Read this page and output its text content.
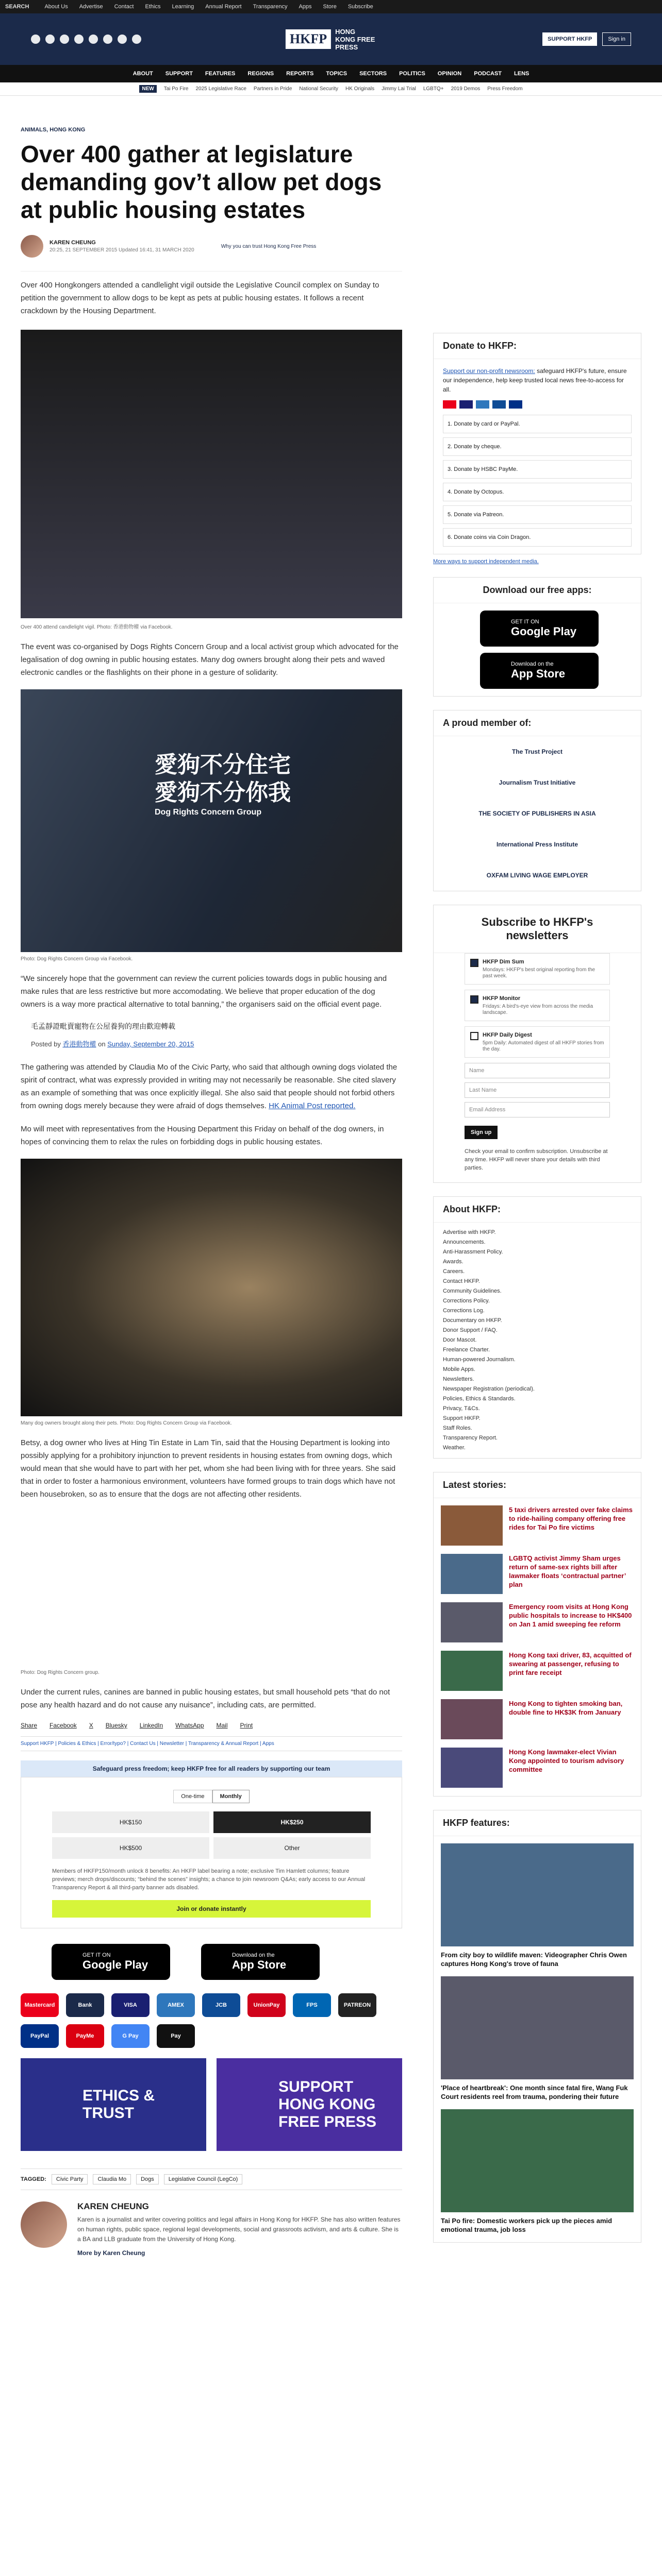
SEARCH	About Us Advertise Contact Ethics Learning Annual Report Transparency Apps Store Subscribe
HKFP	HONG KONG FREE PRESS
SUPPORT HKFP	Sign in
ABOUT SUPPORT FEATURES REGIONS REPORTS TOPICS SECTORS POLITICS OPINION PODCAST LENS
NEW	Tai Po Fire 2025 Legislative Race Partners in Pride National Security HK Originals Jimmy Lai Trial LGBTQ+ 2019 Demos Press Freedom
ANIMALS, HONG KONG
Over 400 gather at legislature demanding gov’t allow pet dogs at public housing estates
KAREN CHEUNG
20:25, 21 SEPTEMBER 2015 Updated 16:41, 31 MARCH 2020
Why you can trust Hong Kong Free Press

Over 400 Hongkongers attended a candlelight vigil outside the Legislative Council complex on Sunday to petition the government to allow dogs to be kept as pets at public housing estates. It follows a recent crackdown by the Housing Department.

Over 400 attend candlelight vigil. Photo: 香港動物權 via Facebook.

The event was co-organised by Dogs Rights Concern Group and a local activist group which advocated for the legalisation of dog owning in public housing estates. Many dog owners brought along their pets and waved electronic candles or the flashlights on their phone in a gesture of solidarity.

愛狗不分住宅
愛狗不分你我
Dog Rights Concern Group
Photo: Dog Rights Concern Group via Facebook.

“We sincerely hope that the government can review the current policies towards dogs in public housing and make rules that are less restrictive but more accomodating. We believe that proper education of the dog owners is a way more practical alternative to total banning,” the organisers said on the official event page.

毛孟靜證毗賣寵物在公屋養狗的理由歡迎轉載
Posted by 香港動物權 on Sunday, September 20, 2015

The gathering was attended by Claudia Mo of the Civic Party, who said that although owning dogs violated the spirit of contract, what was expressly provided in writing may not necessarily be reasonable. She cited slavery as an example of something that was once explicitly illegal. She also said that people should not forbid others from owning dogs merely because they were afraid of dogs themselves. HK Animal Post reported.

Mo will meet with representatives from the Housing Department this Friday on behalf of the dog owners, in hopes of convincing them to relax the rules on forbidding dogs in public housing estates.

Many dog owners brought along their pets. Photo: Dog Rights Concern Group via Facebook.

Betsy, a dog owner who lives at Hing Tin Estate in Lam Tin, said that the Housing Department is looking into possibly applying for a prohibitory injunction to prevent residents in housing estates from owning dogs, which would mean that she would have to part with her pet, whom she had been living with for three years. She said that in order to foster a harmonious environment, volunteers have formed groups to train dogs which have not been housebroken, so as to ensure that the dogs are not affecting other residents.

Photo: Dog Rights Concern group.

Under the current rules, canines are banned in public housing estates, but small household pets “that do not pose any health hazard and do not cause any nuisance”, including cats, are permitted.

Share Facebook X Bluesky LinkedIn WhatsApp Mail Print
Support HKFP | Policies & Ethics | Error/typo? | Contact Us | Newsletter | Transparency & Annual Report | Apps
Safeguard press freedom; keep HKFP free for all readers by supporting our team
One-time	Monthly
HK$150	HK$250
HK$500	Other
Members of HKFP150/month unlock 8 benefits: An HKFP label bearing a note; exclusive Tim Hamlett columns; feature previews; merch drops/discounts; “behind the scenes” insights; a chance to join newsroom Q&As; early access to our Annual Transparency Report & all third-party banner ads disabled.
Join or donate instantly
GET IT ON
Google Play
Download on the
App Store
Mastercard	Bank	VISA	AMEX	JCB	UnionPay	FPS	PATREON
PayPal	PayMe	G Pay	Pay
ETHICS & TRUST
SUPPORT HONG KONG FREE PRESS
TAGGED:	Civic Party	Claudia Mo	Dogs	Legislative Council (LegCo)
KAREN CHEUNG

Karen is a journalist and writer covering politics and legal affairs in Hong Kong for HKFP. She has also written features on human rights, public space, regional legal developments, social and grassroots activism, and arts & culture. She is a BA and LLB graduate from the University of Hong Kong.

More by Karen Cheung

Donate to HKFP:
Support our non-profit newsroom: safeguard HKFP's future, ensure our independence, help keep trusted local news free-to-access for all.
1. Donate by card or PayPal.
2. Donate by cheque.
3. Donate by HSBC PayMe.
4. Donate by Octopus.
5. Donate via Patreon.
6. Donate coins via Coin Dragon.
More ways to support independent media.
Download our free apps:
GET IT ON
Google Play
Download on the
App Store
A proud member of:
The Trust Project
Journalism Trust Initiative
THE SOCIETY OF PUBLISHERS IN ASIA
International Press Institute
OXFAM LIVING WAGE EMPLOYER
Subscribe to HKFP's newsletters
HKFP Dim Sum
Mondays: HKFP's best original reporting from the past week.
HKFP Monitor
Fridays: A bird's-eye view from across the media landscape.
HKFP Daily Digest
5pm Daily: Automated digest of all HKFP stories from the day.
Name
Last Name
Email Address
Sign up
Check your email to confirm subscription. Unsubscribe at any time. HKFP will never share your details with third parties.
About HKFP:
Advertise with HKFP.
Announcements.
Anti-Harassment Policy.
Awards.
Careers.
Contact HKFP.
Community Guidelines.
Corrections Policy.
Corrections Log.
Documentary on HKFP.
Donor Support / FAQ.
Door Mascot.
Freelance Charter.
Human-powered Journalism.
Mobile Apps.
Newsletters.
Newspaper Registration (periodical).
Policies, Ethics & Standards.
Privacy, T&Cs.
Support HKFP.
Staff Roles.
Transparency Report.
Weather.
Latest stories:
5 taxi drivers arrested over fake claims to ride-hailing company offering free rides for Tai Po fire victims
LGBTQ activist Jimmy Sham urges return of same-sex rights bill after lawmaker floats ‘contractual partner’ plan
Emergency room visits at Hong Kong public hospitals to increase to HK$400 on Jan 1 amid sweeping fee reform
Hong Kong taxi driver, 83, acquitted of swearing at passenger, refusing to print fare receipt
Hong Kong to tighten smoking ban, double fine to HK$3K from January
Hong Kong lawmaker-elect Vivian Kong appointed to tourism advisory committee
HKFP features:
From city boy to wildlife maven: Videographer Chris Owen captures Hong Kong's trove of fauna
'Place of heartbreak': One month since fatal fire, Wang Fuk Court residents reel from trauma, pondering their future
Tai Po fire: Domestic workers pick up the pieces amid emotional trauma, job loss
